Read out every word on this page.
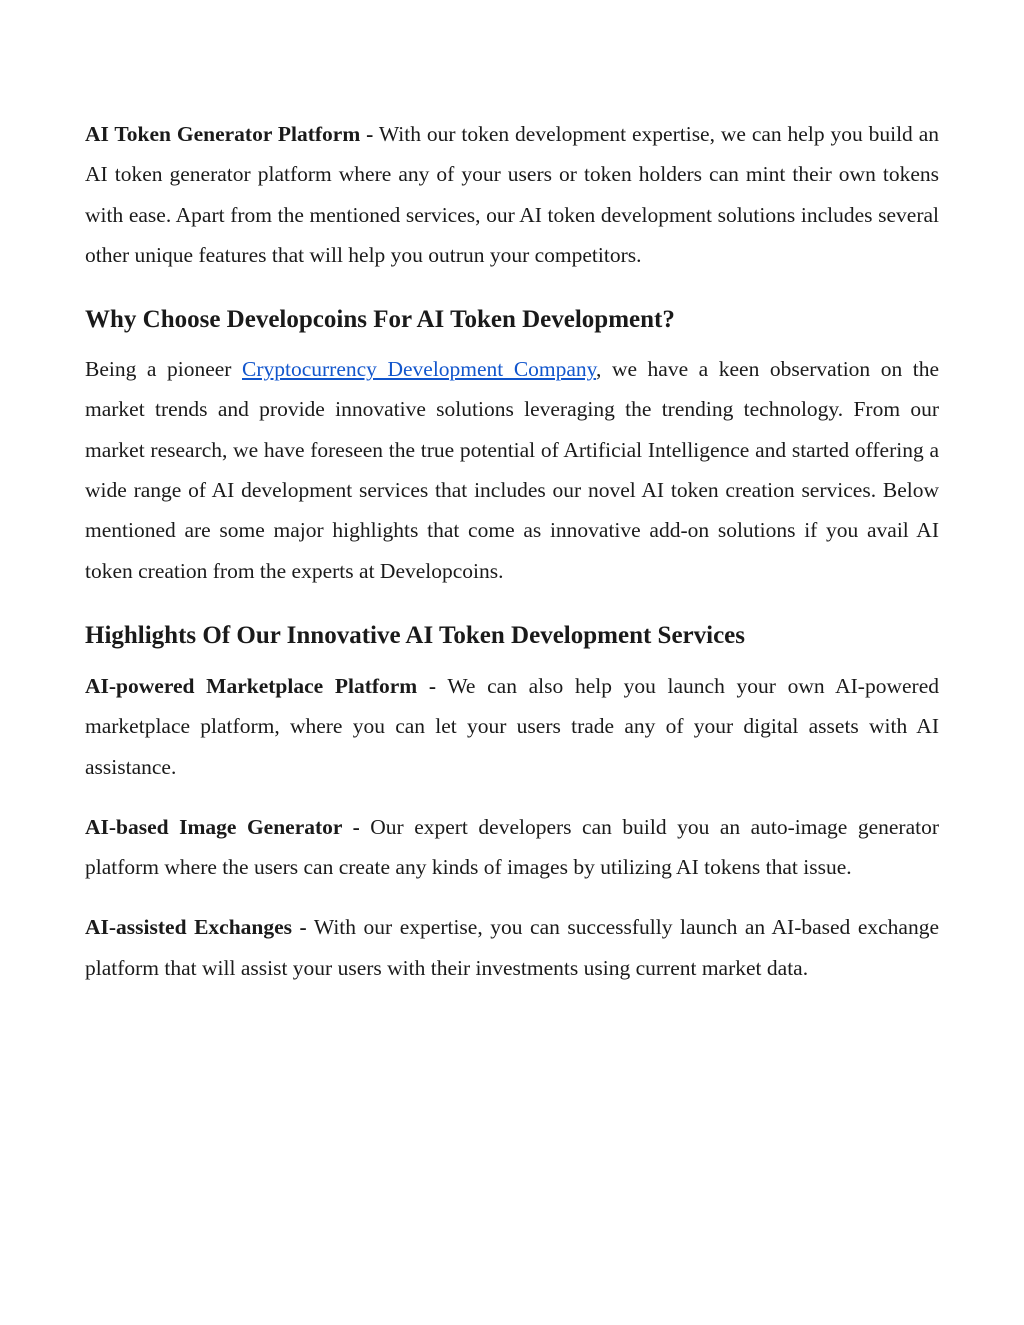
AI Token Generator Platform - With our token development expertise, we can help you build an AI token generator platform where any of your users or token holders can mint their own tokens with ease. Apart from the mentioned services, our AI token development solutions includes several other unique features that will help you outrun your competitors.

Why Choose Developcoins For AI Token Development?

Being a pioneer Cryptocurrency Development Company, we have a keen observation on the market trends and provide innovative solutions leveraging the trending technology. From our market research, we have foreseen the true potential of Artificial Intelligence and started offering a wide range of AI development services that includes our novel AI token creation services. Below mentioned are some major highlights that come as innovative add-on solutions if you avail AI token creation from the experts at Developcoins.

Highlights Of Our Innovative AI Token Development Services

AI-powered Marketplace Platform - We can also help you launch your own AI-powered marketplace platform, where you can let your users trade any of your digital assets with AI assistance.

AI-based Image Generator - Our expert developers can build you an auto-image generator platform where the users can create any kinds of images by utilizing AI tokens that issue.

AI-assisted Exchanges - With our expertise, you can successfully launch an AI-based exchange platform that will assist your users with their investments using current market data.
